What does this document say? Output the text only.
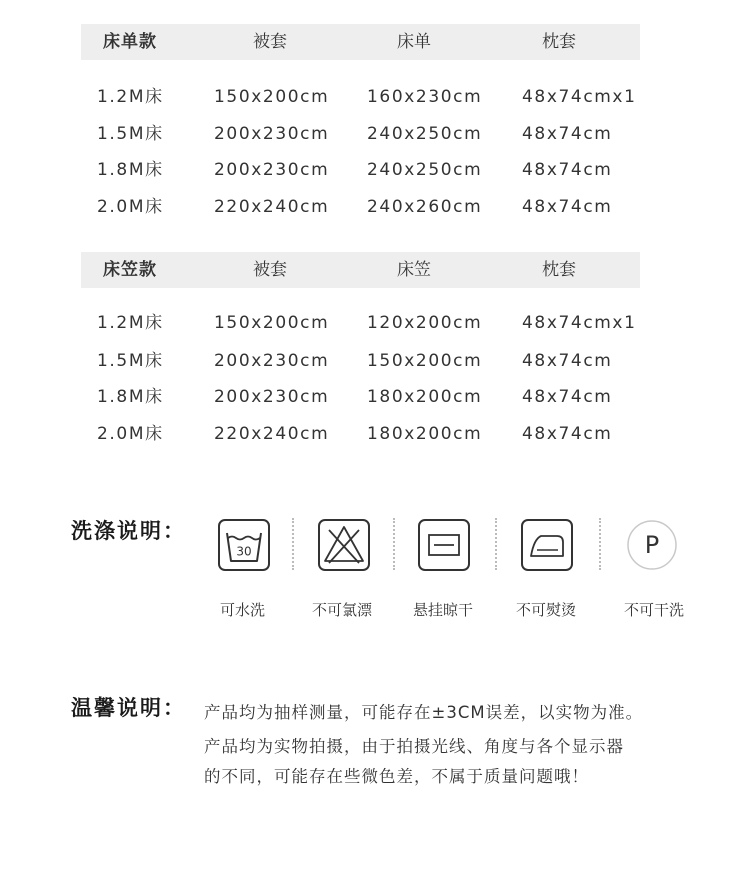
床单款	被套	床单	枕套
1.2M床	150x200cm 160x230cm 48x74cmx1
1.5M床	200x230cm 240x250cm 48x74cm
1.8M床	200x230cm 240x250cm 48x74cm
2.0M床	220x240cm 240x260cm 48x74cm
床笠款	被套	床笠	枕套
1.2M床	150x200cm 120x200cm 48x74cmx1
1.5M床	200x230cm 150x200cm 48x74cm
1.8M床	200x230cm 180x200cm 48x74cm
2.0M床	220x240cm 180x200cm 48x74cm
洗涤说明：
30	P
可水洗	不可氯漂	悬挂晾干	不可熨烫	不可干洗
温馨说明： 产品均为抽样测量，可能存在±3CM误差，以实物为准。
产品均为实物拍摄，由于拍摄光线、角度与各个显示器
的不同，可能存在些微色差，不属于质量问题哦！
